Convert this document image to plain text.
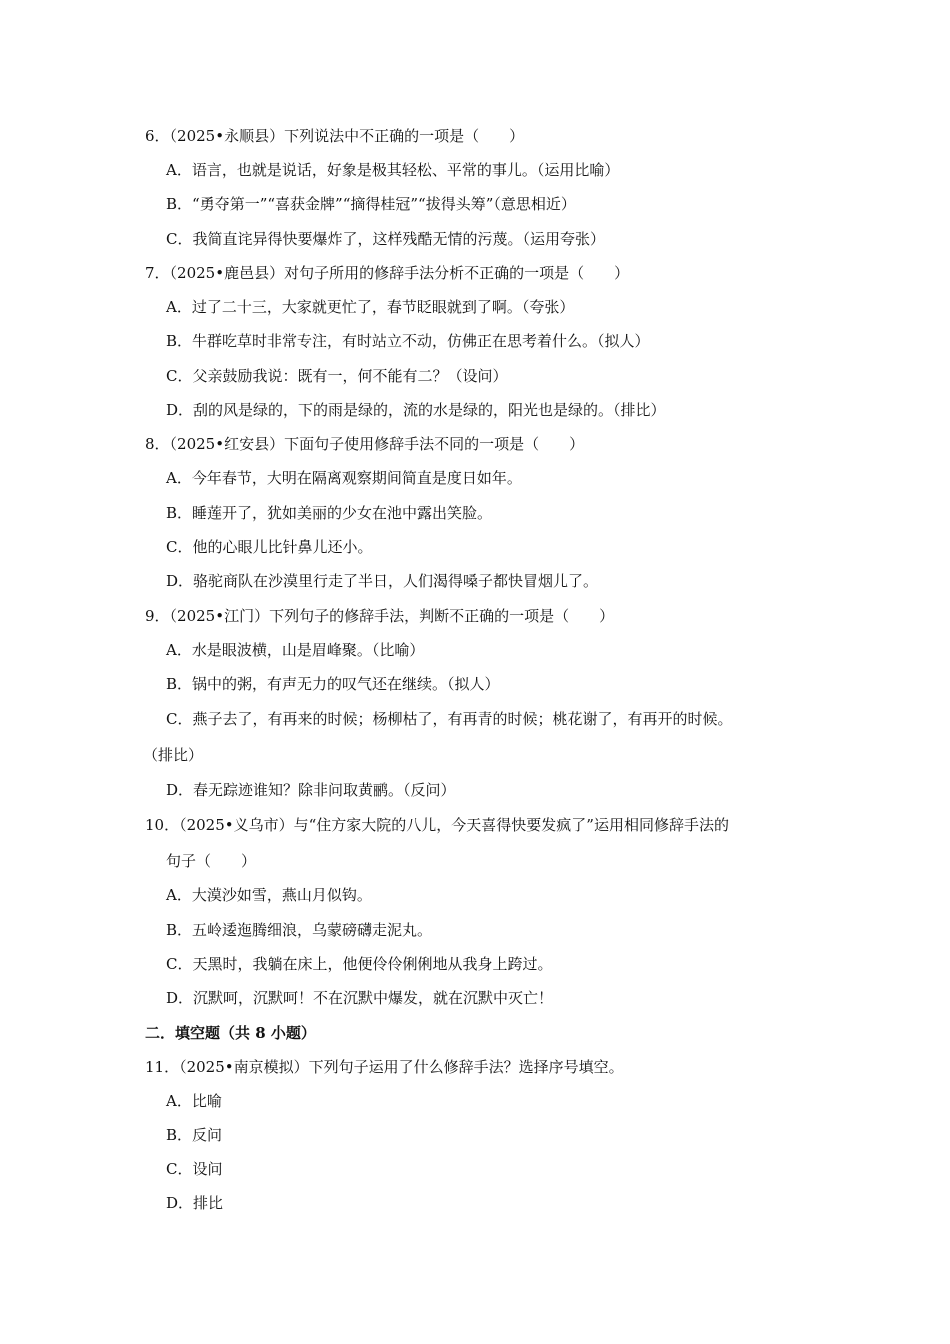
6．（2025•永顺县）下列说法中不正确的一项是（　　）
A．语言，也就是说话，好象是极其轻松、平常的事儿。（运用比喻）
B．“勇夺第一”“喜获金牌”“摘得桂冠”“拔得头筹”（意思相近）
C．我简直诧异得快要爆炸了，这样残酷无情的污蔑。（运用夸张）
7．（2025•鹿邑县）对句子所用的修辞手法分析不正确的一项是（　　）
A．过了二十三，大家就更忙了，春节眨眼就到了啊。（夸张）
B．牛群吃草时非常专注，有时站立不动，仿佛正在思考着什么。（拟人）
C．父亲鼓励我说：既有一，何不能有二？（设问）
D．刮的风是绿的，下的雨是绿的，流的水是绿的，阳光也是绿的。（排比）
8．（2025•红安县）下面句子使用修辞手法不同的一项是（　　）
A．今年春节，大明在隔离观察期间简直是度日如年。
B．睡莲开了，犹如美丽的少女在池中露出笑脸。
C．他的心眼儿比针鼻儿还小。
D．骆驼商队在沙漠里行走了半日，人们渴得嗓子都快冒烟儿了。
9．（2025•江门）下列句子的修辞手法，判断不正确的一项是（　　）
A．水是眼波横，山是眉峰聚。（比喻）
B．锅中的粥，有声无力的叹气还在继续。（拟人）
C．燕子去了，有再来的时候；杨柳枯了，有再青的时候；桃花谢了，有再开的时候。
（排比）
D．春无踪迹谁知？除非问取黄鹂。（反问）
10．（2025•义乌市）与“住方家大院的八儿，今天喜得快要发疯了”运用相同修辞手法的
句子（　　）
A．大漠沙如雪，燕山月似钩。
B．五岭逶迤腾细浪，乌蒙磅礴走泥丸。
C．天黑时，我躺在床上，他便伶伶俐俐地从我身上跨过。
D．沉默呵，沉默呵！不在沉默中爆发，就在沉默中灭亡！
二．填空题（共 8 小题）
11．（2025•南京模拟）下列句子运用了什么修辞手法？选择序号填空。
A．比喻
B．反问
C．设问
D．排比
